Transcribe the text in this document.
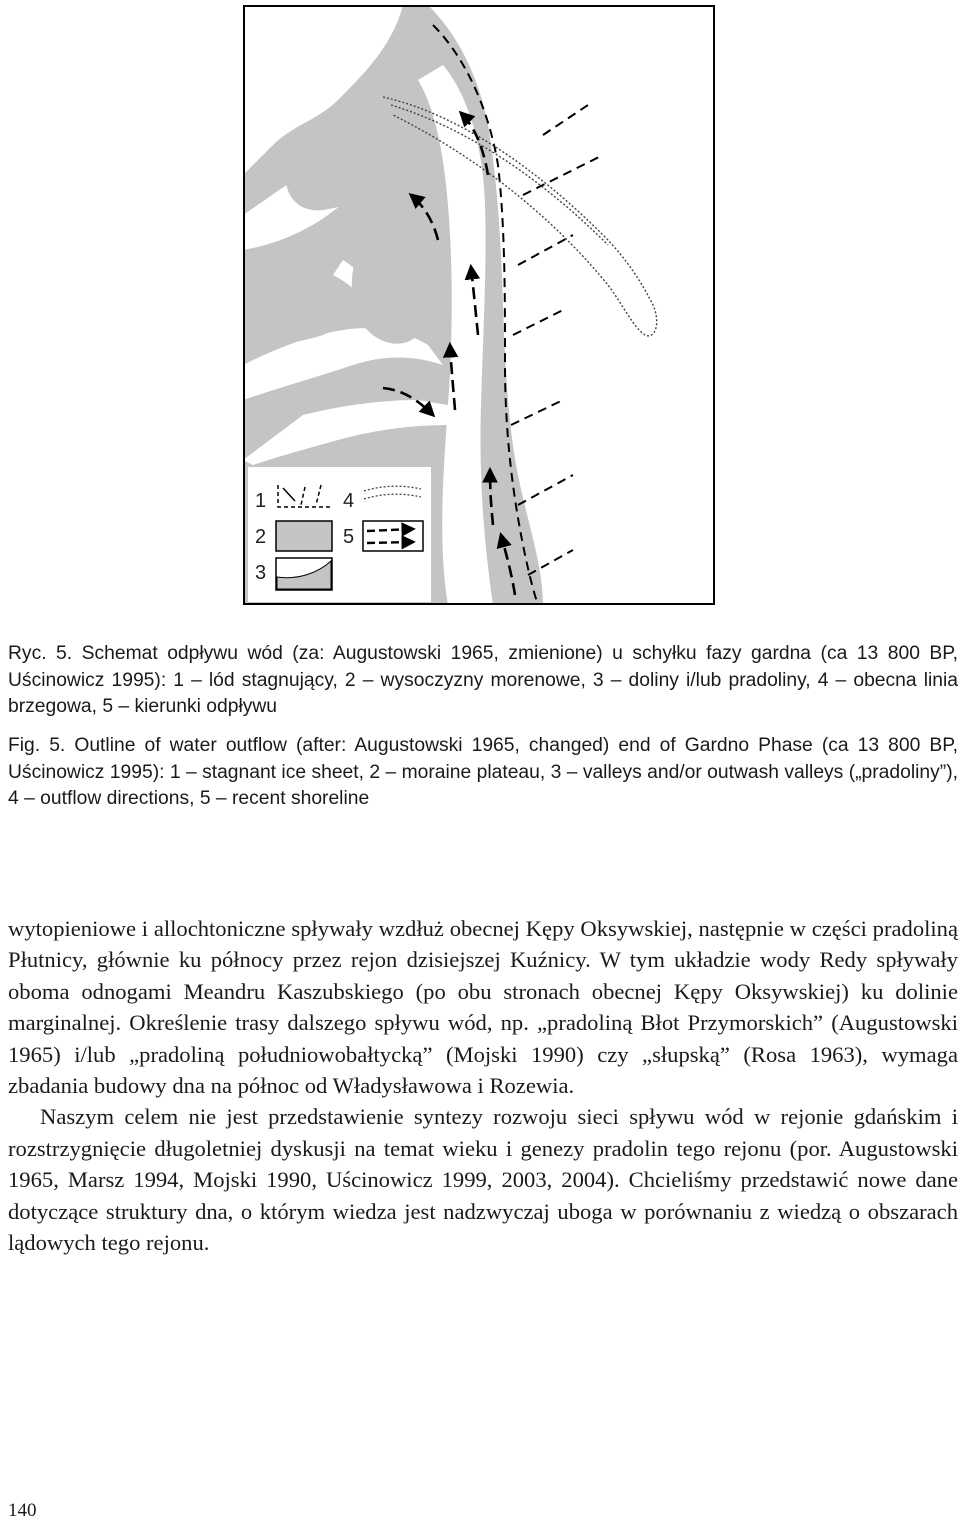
1	4
2	5
3

Ryc. 5. Schemat odpływu wód (za: Augustowski 1965, zmienione) u schyłku fazy gardna (ca 13 800 BP, Uścinowicz 1995): 1 – lód stagnujący, 2 – wysoczyzny morenowe, 3 – doliny i/lub pradoliny, 4 – obecna linia brzegowa, 5 – kierunki odpływu

Fig. 5. Outline of water outflow (after: Augustowski 1965, changed) end of Gardno Phase (ca 13 800 BP, Uścinowicz 1995): 1 – stagnant ice sheet, 2 – moraine plateau, 3 – valleys and/or outwash valleys („pradoliny”), 4 – outflow directions, 5 – recent shoreline

wytopieniowe i allochtoniczne spływały wzdłuż obecnej Kępy Oksywskiej, następnie w części pradoliną Płutnicy, głównie ku północy przez rejon dzisiejszej Kuźnicy. W tym układzie wody Redy spływały oboma odnogami Meandru Kaszubskiego (po obu stronach obecnej Kępy Oksywskiej) ku dolinie marginalnej. Określenie trasy dalszego spływu wód, np. „pradoliną Błot Przymorskich” (Augustowski 1965) i/lub „pradoliną południowobałtycką” (Mojski 1990) czy „słupską” (Rosa 1963), wymaga zbadania budowy dna na północ od Władysławowa i Rozewia.

Naszym celem nie jest przedstawienie syntezy rozwoju sieci spływu wód w rejonie gdańskim i rozstrzygnięcie długoletniej dyskusji na temat wieku i genezy pradolin tego rejonu (por. Augustowski 1965, Marsz 1994, Mojski 1990, Uścinowicz 1999, 2003, 2004). Chcieliśmy przedstawić nowe dane dotyczące struktury dna, o którym wiedza jest nadzwyczaj uboga w porównaniu z wiedzą o obszarach lądowych tego rejonu.

140
